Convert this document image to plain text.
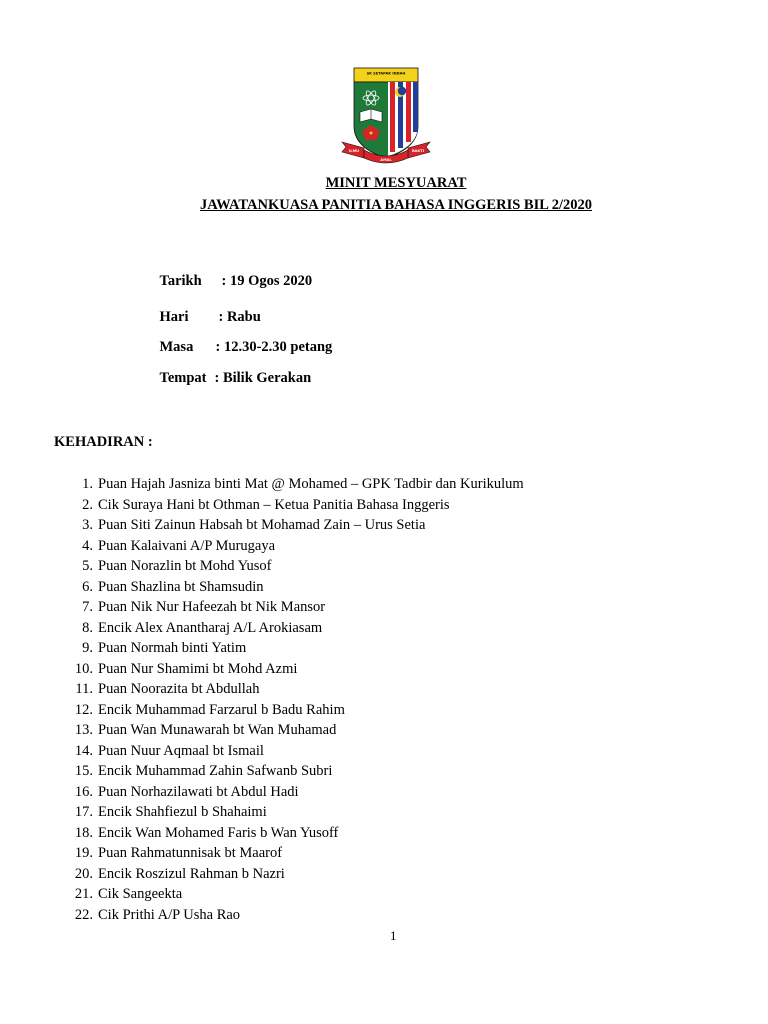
SK SETAPAK INDAH
ILMU
AMAL
BAKTI
MINIT MESYUARAT
JAWATANKUASA PANITIA BAHASA INGGERIS BIL 2/2020

Tarikh : 19 Ogos 2020

Hari : Rabu

Masa : 12.30-2.30 petang

Tempat : Bilik Gerakan

KEHADIRAN :
1. Puan Hajah Jasniza binti Mat @ Mohamed – GPK Tadbir dan Kurikulum
2. Cik Suraya Hani bt Othman – Ketua Panitia Bahasa Inggeris
3. Puan Siti Zainun Habsah bt Mohamad Zain – Urus Setia
4. Puan Kalaivani A/P Murugaya
5. Puan Norazlin bt Mohd Yusof
6. Puan Shazlina bt Shamsudin
7. Puan Nik Nur Hafeezah bt Nik Mansor
8. Encik Alex Anantharaj A/L Arokiasam
9. Puan Normah binti Yatim
10. Puan Nur Shamimi bt Mohd Azmi
11. Puan Noorazita bt Abdullah
12. Encik Muhammad Farzarul b Badu Rahim
13. Puan Wan Munawarah bt Wan Muhamad
14. Puan Nuur Aqmaal bt Ismail
15. Encik Muhammad Zahin Safwanb Subri
16. Puan Norhazilawati bt Abdul Hadi
17. Encik Shahfiezul b Shahaimi
18. Encik Wan Mohamed Faris b Wan Yusoff
19. Puan Rahmatunnisak bt Maarof
20. Encik Roszizul Rahman b Nazri
21. Cik Sangeekta
22. Cik Prithi A/P Usha Rao
1
